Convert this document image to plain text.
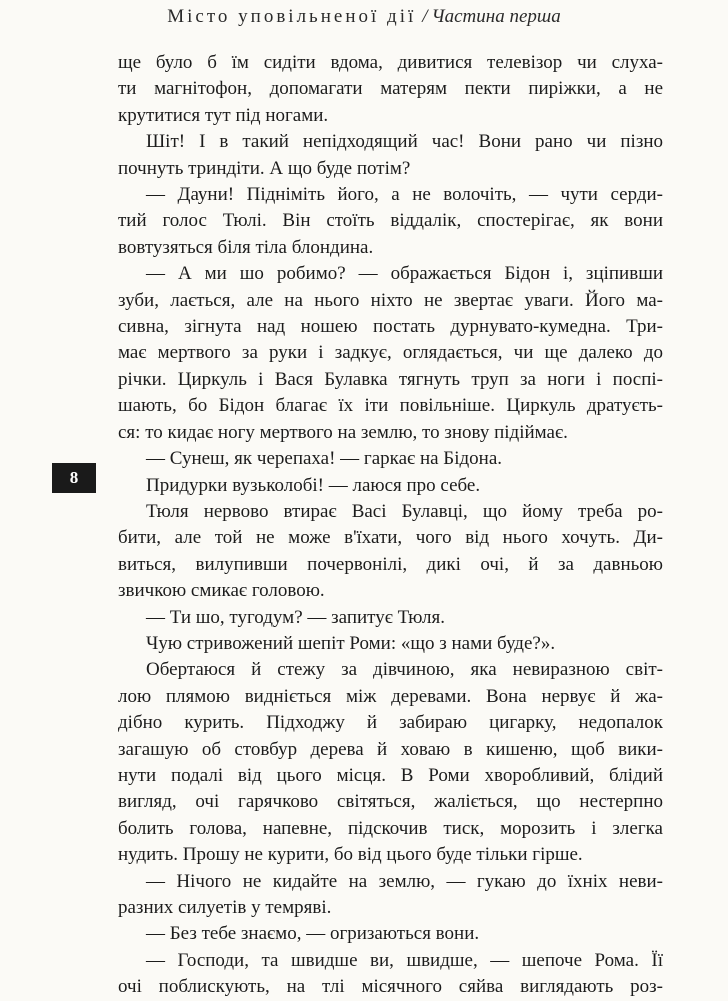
Місто уповільненої дії / Частина перша
ще було б їм сидіти вдома, дивитися телевізор чи слуха-
ти магнітофон, допомагати матерям пекти пиріжки, а не
крутитися тут під ногами.
Шіт! І в такий непідходящий час! Вони рано чи пізно
почнуть триндіти. А що буде потім?
— Дауни! Підніміть його, а не волочіть, — чути серди-
тий голос Тюлі. Він стоїть віддалік, спостерігає, як вони
вовтузяться біля тіла блондина.
— А ми шо робимо? — ображається Бідон і, зціпивши
зуби, лається, але на нього ніхто не звертає уваги. Його ма-
сивна, зігнута над ношею постать дурнувато-кумедна. Три-
має мертвого за руки і задкує, оглядається, чи ще далеко до
річки. Циркуль і Вася Булавка тягнуть труп за ноги і поспі-
шають, бо Бідон благає їх іти повільніше. Циркуль дратуєть-
ся: то кидає ногу мертвого на землю, то знову підіймає.
— Сунеш, як черепаха! — гаркає на Бідона.
Придурки вузьколобі! — лаюся про себе.
Тюля нервово втирає Васі Булавці, що йому треба ро-
бити, але той не може в'їхати, чого від нього хочуть. Ди-
виться, вилупивши почервонілі, дикі очі, й за давньою
звичкою смикає головою.
— Ти шо, тугодум? — запитує Тюля.
Чую стривожений шепіт Роми: «що з нами буде?».
Обертаюся й стежу за дівчиною, яка невиразною світ-
лою плямою видніється між деревами. Вона нервує й жа-
дібно курить. Підходжу й забираю цигарку, недопалок
загашую об стовбур дерева й ховаю в кишеню, щоб вики-
нути подалі від цього місця. В Роми хворобливий, блідий
вигляд, очі гарячково світяться, жаліється, що нестерпно
болить голова, напевне, підскочив тиск, морозить і злегка
нудить. Прошу не курити, бо від цього буде тільки гірше.
— Нічого не кидайте на землю, — гукаю до їхніх неви-
разних силуетів у темряві.
— Без тебе знаємо, — огризаються вони.
— Господи, та швидше ви, швидше, — шепоче Рома. Її
очі поблискують, на тлі місячного сяйва виглядають роз-
8
